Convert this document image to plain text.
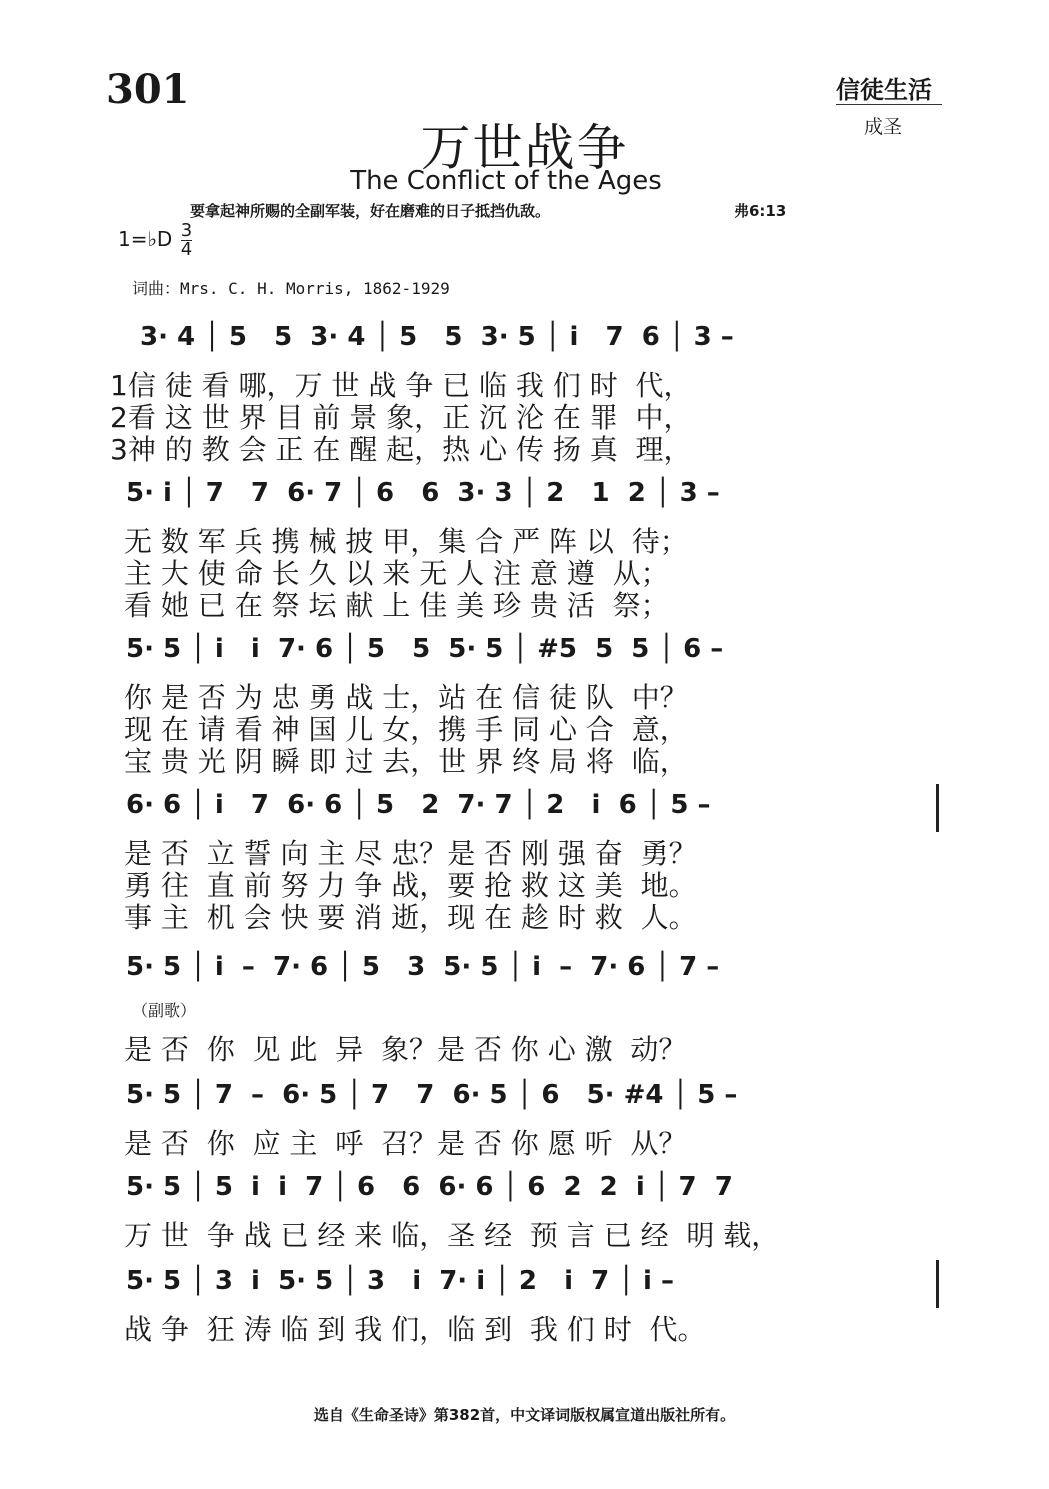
301	信徒生活
成圣
万世战争
The Conflict of the Ages
要拿起神所赐的全副军装，好在磨难的日子抵挡仇敌。	弗6:13
1=♭D $\frac{3}{4}$
词曲：Mrs. C. H. Morris, 1862-1929
3· 4 │ 5   5  3· 4 │ 5   5  3· 5 │ i   7  6 │ 3 –
1信 徒 看 哪，万 世 战 争 已 临 我 们 时  代，
2看 这 世 界 目 前 景 象，正 沉 沦 在 罪  中，
3神 的 教 会 正 在 醒 起，热 心 传 扬 真  理，
5· i │ 7   7  6· 7 │ 6   6  3· 3 │ 2   1  2 │ 3 –
无 数 军 兵 携 械 披 甲，集 合 严 阵 以  待；
主 大 使 命 长 久 以 来 无 人 注 意 遵  从；
看 她 已 在 祭 坛 献 上 佳 美 珍 贵 活  祭；
5· 5 │ i   i  7· 6 │ 5   5  5· 5 │ #5  5  5 │ 6 –
你 是 否 为 忠 勇 战 士，站 在 信 徒 队  中？
现 在 请 看 神 国 儿 女，携 手 同 心 合  意，
宝 贵 光 阴 瞬 即 过 去，世 界 终 局 将  临，
6· 6 │ i   7  6· 6 │ 5   2  7· 7 │ 2   i  6 │ 5 –
是 否  立 誓 向 主 尽 忠？是 否 刚 强 奋  勇？
勇 往  直 前 努 力 争 战，要 抢 救 这 美  地。
事 主  机 会 快 要 消 逝，现 在 趁 时 救  人。
5· 5 │ i  –  7· 6 │ 5   3  5· 5 │ i  –  7· 6 │ 7 –
（副歌）
是 否  你  见 此  异  象？是 否 你 心 激  动？
5· 5 │ 7  –  6· 5 │ 7   7  6· 5 │ 6   5· #4 │ 5 –
是 否  你  应 主  呼  召？是 否 你 愿 听  从？
5· 5 │ 5  i  i  7 │ 6   6  6· 6 │ 6  2  2  i │ 7  7
万 世  争 战 已 经 来 临，圣 经  预 言 已 经  明 载，
5· 5 │ 3  i  5· 5 │ 3   i  7· i │ 2   i  7 │ i –
战 争  狂 涛 临 到 我 们，临 到  我 们 时  代。
选自《生命圣诗》第382首，中文译词版权属宣道出版社所有。
